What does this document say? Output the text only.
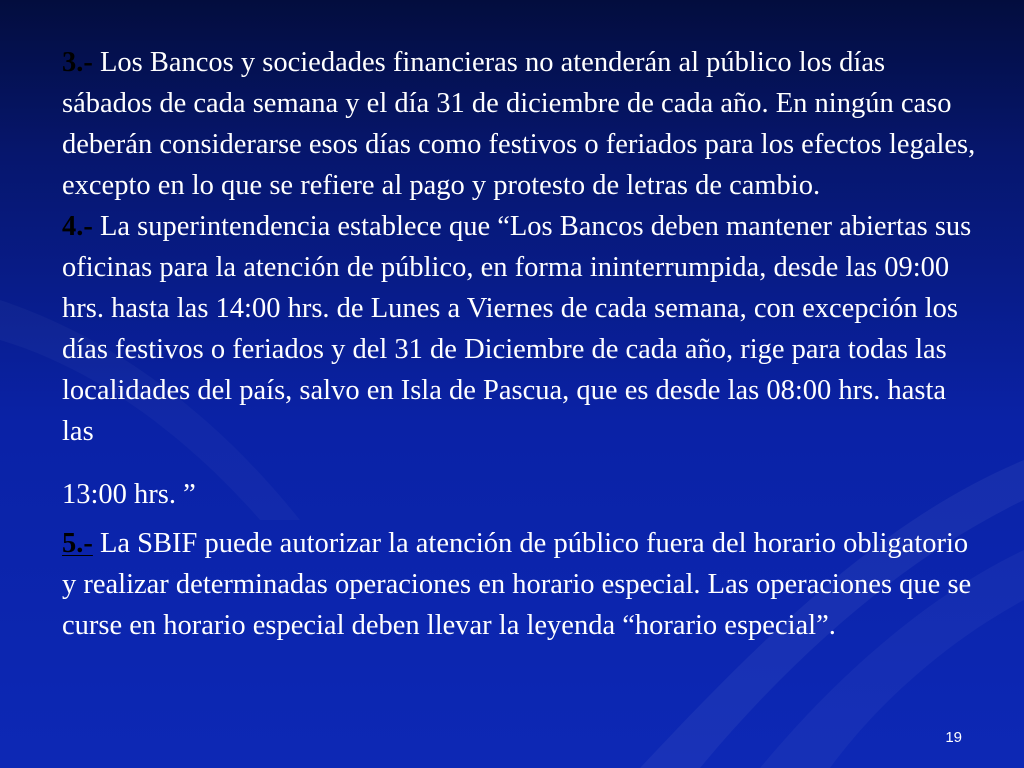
3.- Los Bancos y sociedades financieras no atenderán al público los días sábados de cada semana y el día 31 de diciembre de cada año. En ningún caso deberán considerarse esos días como festivos o feriados para los efectos legales, excepto en lo que se refiere al pago y protesto de letras de cambio.

4.- La superintendencia establece que “Los Bancos deben mantener abiertas sus oficinas para la atención de público, en forma ininterrumpida, desde las 09:00 hrs. hasta las 14:00 hrs. de Lunes a Viernes de cada semana, con excepción los días festivos o feriados y del 31 de Diciembre de cada año, rige para todas las localidades del país, salvo en Isla de Pascua, que es desde las 08:00 hrs. hasta las

13:00 hrs. ”

5.- La SBIF puede autorizar la atención de público fuera del horario obligatorio y realizar determinadas operaciones en horario especial. Las operaciones que se curse en horario especial deben llevar la leyenda “horario especial”.

19
